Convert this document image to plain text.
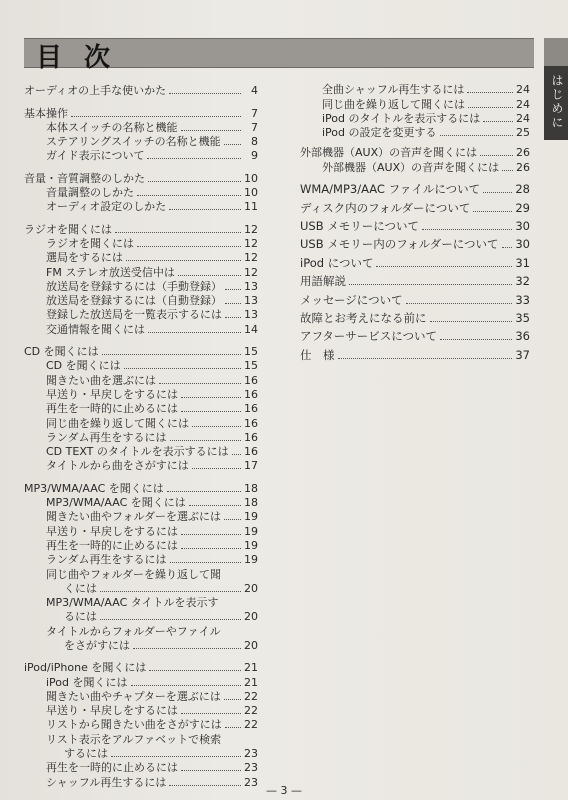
目次
はじめに
オーディオの上手な使いかた	4
基本操作	7
本体スイッチの名称と機能	7
ステアリングスイッチの名称と機能	8
ガイド表示について	9
音量・音質調整のしかた	10
音量調整のしかた	10
オーディオ設定のしかた	11
ラジオを聞くには	12
ラジオを聞くには	12
選局をするには	12
FM ステレオ放送受信中は	12
放送局を登録するには（手動登録） 13
放送局を登録するには（自動登録） 13
登録した放送局を一覧表示するには 13
交通情報を聞くには	14
CD を聞くには	15
CD を聞くには	15
聞きたい曲を選ぶには	16
早送り・早戻しをするには	16
再生を一時的に止めるには	16
同じ曲を繰り返して聞くには	16
ランダム再生をするには	16
CD TEXT のタイトルを表示するには 16
タイトルから曲をさがすには	17
MP3/WMA/AAC を聞くには	18
MP3/WMA/AAC を聞くには	18
聞きたい曲やフォルダーを選ぶには 19
早送り・早戻しをするには	19
再生を一時的に止めるには	19
ランダム再生をするには	19
同じ曲やフォルダーを繰り返して聞
くには	20
MP3/WMA/AAC タイトルを表示す
るには	20
タイトルからフォルダーやファイル
をさがすには	20
iPod/iPhone を聞くには	21
iPod を聞くには	21
聞きたい曲やチャプターを選ぶには 22
早送り・早戻しをするには	22
リストから聞きたい曲をさがすには 22
リスト表示をアルファベットで検索
するには	23
再生を一時的に止めるには	23
シャッフル再生するには	23
全曲シャッフル再生するには	24
同じ曲を繰り返して聞くには	24
iPod のタイトルを表示するには	24
iPod の設定を変更する	25
外部機器（AUX）の音声を聞くには	26
外部機器（AUX）の音声を聞くには 26
WMA/MP3/AAC ファイルについて	28
ディスク内のフォルダーについて	29
USB メモリーについて	30
USB メモリー内のフォルダーについて 30
iPod について	31
用語解説	32
メッセージについて	33
故障とお考えになる前に	35
アフターサービスについて	36
仕　様	37
— 3 —
